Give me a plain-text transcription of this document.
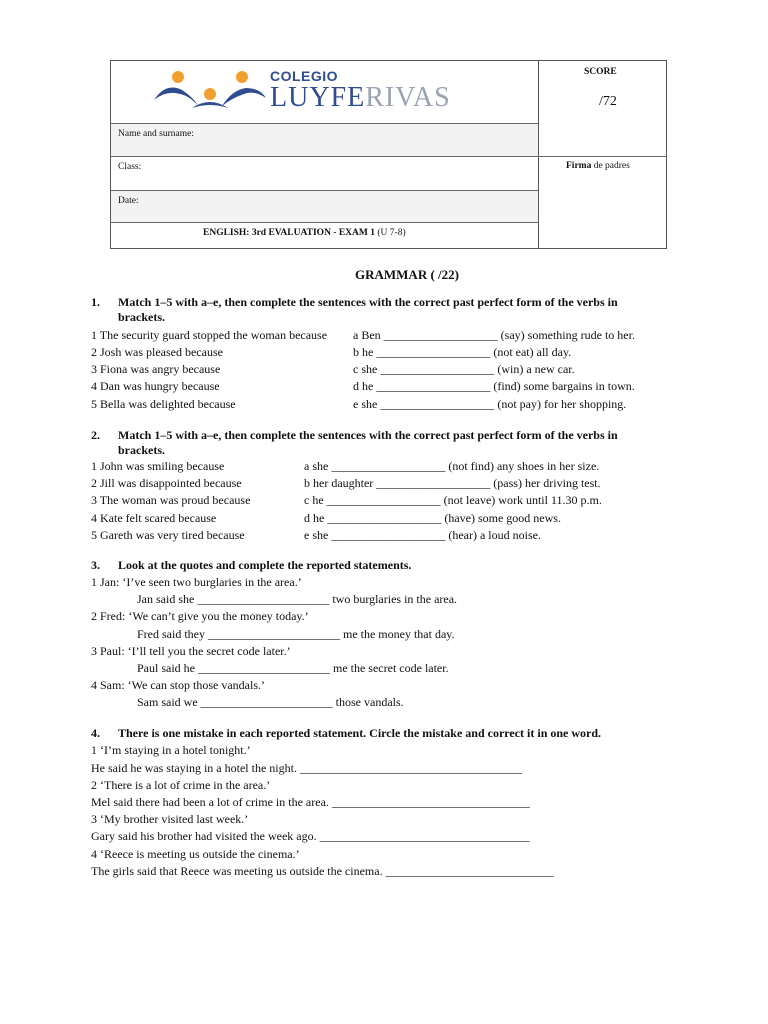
COLEGIO
LUYFERIVAS
SCORE
/72
Name and surname:
Class:
Date:
Firma de padres
ENGLISH: 3rd EVALUATION - EXAM 1 (U 7-8)
GRAMMAR ( /22)
1. Match 1–5 with a–e, then complete the sentences with the correct past perfect form of the verbs in
brackets.
1 The security guard stopped the woman because
2 Josh was pleased because
3 Fiona was angry because
4 Dan was hungry because
5 Bella was delighted because
a Ben ___________________ (say) something rude to her.
b he ___________________ (not eat) all day.
c she ___________________ (win) a new car.
d he ___________________ (find) some bargains in town.
e she ___________________ (not pay) for her shopping.
2. Match 1–5 with a–e, then complete the sentences with the correct past perfect form of the verbs in
brackets.
1 John was smiling because
2 Jill was disappointed because
3 The woman was proud because
4 Kate felt scared because
5 Gareth was very tired because
a she ___________________ (not find) any shoes in her size.
b her daughter ___________________ (pass) her driving test.
c he ___________________ (not leave) work until 11.30 p.m.
d he ___________________ (have) some good news.
e she ___________________ (hear) a loud noise.
3. Look at the quotes and complete the reported statements.
1 Jan: ‘I’ve seen two burglaries in the area.’
Jan said she ______________________ two burglaries in the area.
2 Fred: ‘We can’t give you the money today.’
Fred said they ______________________ me the money that day.
3 Paul: ‘I’ll tell you the secret code later.’
Paul said he ______________________ me the secret code later.
4 Sam: ‘We can stop those vandals.’
Sam said we ______________________ those vandals.
4. There is one mistake in each reported statement. Circle the mistake and correct it in one word.
1 ‘I’m staying in a hotel tonight.’
He said he was staying in a hotel the night. _____________________________________
2 ‘There is a lot of crime in the area.’
Mel said there had been a lot of crime in the area. _________________________________
3 ‘My brother visited last week.’
Gary said his brother had visited the week ago. ___________________________________
4 ‘Reece is meeting us outside the cinema.’
The girls said that Reece was meeting us outside the cinema. ____________________________
